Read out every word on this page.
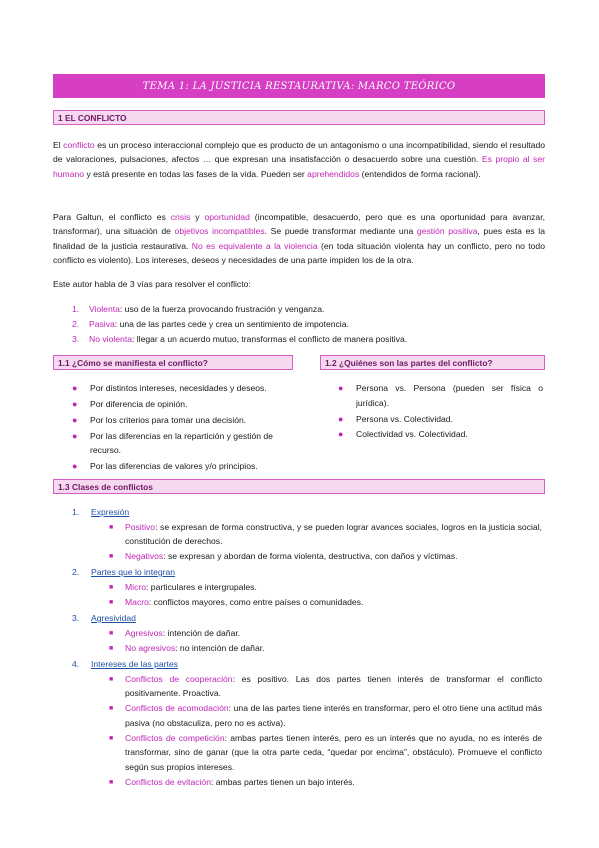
TEMA 1: LA JUSTICIA RESTAURATIVA: MARCO TEÓRICO
1 EL CONFLICTO
El conflicto es un proceso interaccional complejo que es producto de un antagonismo o una incompatibilidad, siendo el resultado de valoraciones, pulsaciones, afectos … que expresan una insatisfacción o desacuerdo sobre una cuestión. Es propio al ser humano y está presente en todas las fases de la vida. Pueden ser aprehendidos (entendidos de forma racional).
Para Galtun, el conflicto es crisis y oportunidad (incompatible, desacuerdo, pero que es una oportunidad para avanzar, transformar), una situación de objetivos incompatibles. Se puede transformar mediante una gestión positiva, pues esta es la finalidad de la justicia restaurativa. No es equivalente a la violencia (en toda situación violenta hay un conflicto, pero no todo conflicto es violento). Los intereses, deseos y necesidades de una parte impiden los de la otra.
Este autor habla de 3 vías para resolver el conflicto:
1.	Violenta: uso de la fuerza provocando frustración y venganza.
2.	Pasiva: una de las partes cede y crea un sentimiento de impotencia.
3.	No violenta: llegar a un acuerdo mutuo, transformas el conflicto de manera positiva.
1.1 ¿Cómo se manifiesta el conflicto?	1.2 ¿Quiénes son las partes del conflicto?
●	Por distintos intereses, necesidades y deseos.
●	Por diferencia de opinión.
●	Por los criterios para tomar una decisión.
●	Por las diferencias en la repartición y gestión de recurso.
●	Por las diferencias de valores y/o principios.
●	Persona vs. Persona (pueden ser física o jurídica).
●	Persona vs. Colectividad.
●	Colectividad vs. Colectividad.
1.3 Clases de conflictos
1.	Expresión
■	Positivo: se expresan de forma constructiva, y se pueden lograr avances sociales, logros en la justicia social, constitución de derechos.
■	Negativos: se expresan y abordan de forma violenta, destructiva, con daños y víctimas.
2.	Partes que lo integran
■	Micro: particulares e intergrupales.
■	Macro: conflictos mayores, como entre países o comunidades.
3.	Agresividad
■	Agresivos: intención de dañar.
■	No agresivos: no intención de dañar.
4.	Intereses de las partes
■	Conflictos de cooperación: es positivo. Las dos partes tienen interés de transformar el conflicto positivamente. Proactiva.
■	Conflictos de acomodación: una de las partes tiene interés en transformar, pero el otro tiene una actitud más pasiva (no obstaculiza, pero no es activa).
■	Conflictos de competición: ambas partes tienen interés, pero es un interés que no ayuda, no es interés de transformar, sino de ganar (que la otra parte ceda, “quedar por encima”, obstáculo). Promueve el conflicto según sus propios intereses.
■	Conflictos de evitación: ambas partes tienen un bajo interés.
